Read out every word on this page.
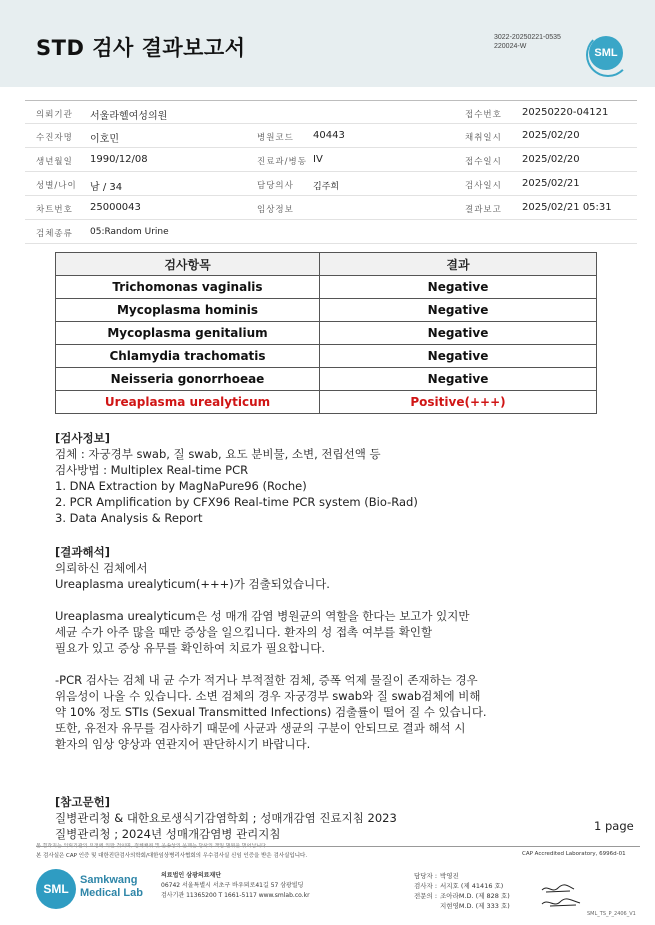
STD 검사 결과보고서	3022-20250221-0535
220024-W
SML
의뢰기관 서울라헬여성의원	접수번호 20250220-04121
수진자명 이호민	병원코드 40443	채취일시 2025/02/20
생년월일 1990/12/08	진료과/병동 IV	접수일시 2025/02/20
성별/나이 남 / 34	담당의사 김주희	검사일시 2025/02/21
차트번호 25000043	임상정보	결과보고 2025/02/21 05:31
검체종류 05:Random Urine
검사항목	결과
Trichomonas vaginalis	Negative
Mycoplasma hominis	Negative
Mycoplasma genitalium	Negative
Chlamydia trachomatis	Negative
Neisseria gonorrhoeae	Negative
Ureaplasma urealyticum	Positive(+++)

[검사정보]

검체 : 자궁경부 swab, 질 swab, 요도 분비물, 소변, 전립선액 등

검사방법 : Multiplex Real-time PCR

1. DNA Extraction by MagNaPure96 (Roche)

2. PCR Amplification by CFX96 Real-time PCR system (Bio-Rad)

3. Data Analysis & Report

[결과해석]

의뢰하신 검체에서

Ureaplasma urealyticum(+++)가 검출되었습니다.

Ureaplasma urealyticum은 성 매개 감염 병원균의 역할을 한다는 보고가 있지만

세균 수가 아주 많을 때만 증상을 일으킵니다. 환자의 성 접촉 여부를 확인할

필요가 있고 증상 유무를 확인하여 치료가 필요합니다.

-PCR 검사는 검체 내 균 수가 적거나 부적절한 검체, 증폭 억제 물질이 존재하는 경우

위음성이 나올 수 있습니다. 소변 검체의 경우 자궁경부 swab와 질 swab검체에 비해

약 10% 정도 STIs (Sexual Transmitted Infections) 검출률이 떨어 질 수 있습니다.

또한, 유전자 유무를 검사하기 때문에 사균과 생균의 구분이 안되므로 결과 해석 시

환자의 임상 양상과 연관지어 판단하시기 바랍니다.

[참고문헌]

질병관리청 & 대한요로생식기감염학회 ; 성매개감염 진료지침 2023

질병관리청 ; 2024년 성매개감염병 관리지침

1 page
본 결과지는 의뢰기관의 요청에 의한 것이며, 검체채취 및 운송상의 문제는 당사의 책임 범위를 벗어납니다.
본 검사실은 CAP 인증 및 대한진단검사의학회/대한임상병리사협회의 우수검사실 신임 인증을 받은 검사실입니다.	CAP Accredited Laboratory, 6996d-01
SML
Samkwang
Medical Lab
의료법인 삼광의료재단
06742 서울특별시 서초구 바우뫼로41길 57 삼광빌딩
검사기관 11365200 T 1661-5117 www.smlab.co.kr
담당자 : 박영진
검사자 : 서지호 (제 41416 호)
전문의 : 조아라M.D. (제 828 호)
지현영M.D. (제 333 호)
SML_TS_P_2406_V1
